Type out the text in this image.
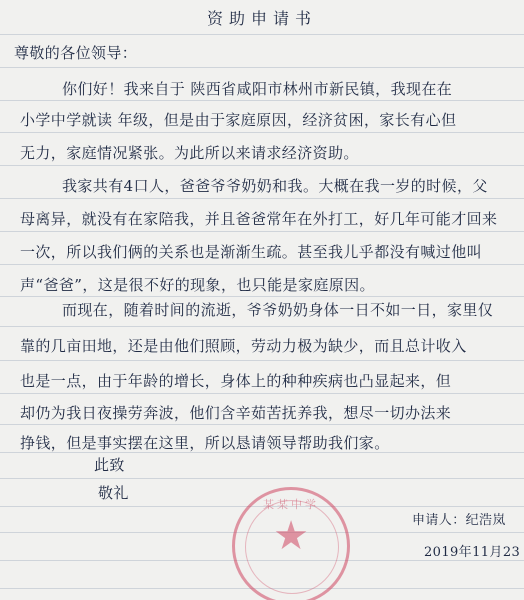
资助申请书
尊敬的各位领导：
你们好！我来自于 陕西省咸阳市林州市新民镇，我现在在
小学中学就读 年级，但是由于家庭原因，经济贫困，家长有心但
无力，家庭情况紧张。为此所以来请求经济资助。
我家共有4口人，爸爸爷爷奶奶和我。大概在我一岁的时候，父
母离异，就没有在家陪我，并且爸爸常年在外打工，好几年可能才回来
一次，所以我们俩的关系也是渐渐生疏。甚至我儿乎都没有喊过他叫
声“爸爸”，这是很不好的现象，也只能是家庭原因。
而现在，随着时间的流逝，爷爷奶奶身体一日不如一日，家里仅
靠的几亩田地，还是由他们照顾，劳动力极为缺少，而且总计收入
也是一点，由于年龄的增长，身体上的种种疾病也凸显起来，但
却仍为我日夜操劳奔波，他们含辛茹苦抚养我，想尽一切办法来
挣钱，但是事实摆在这里，所以恳请领导帮助我们家。
此致
敬礼
某某中学
★	申请人：纪浩岚
2019年11月23
